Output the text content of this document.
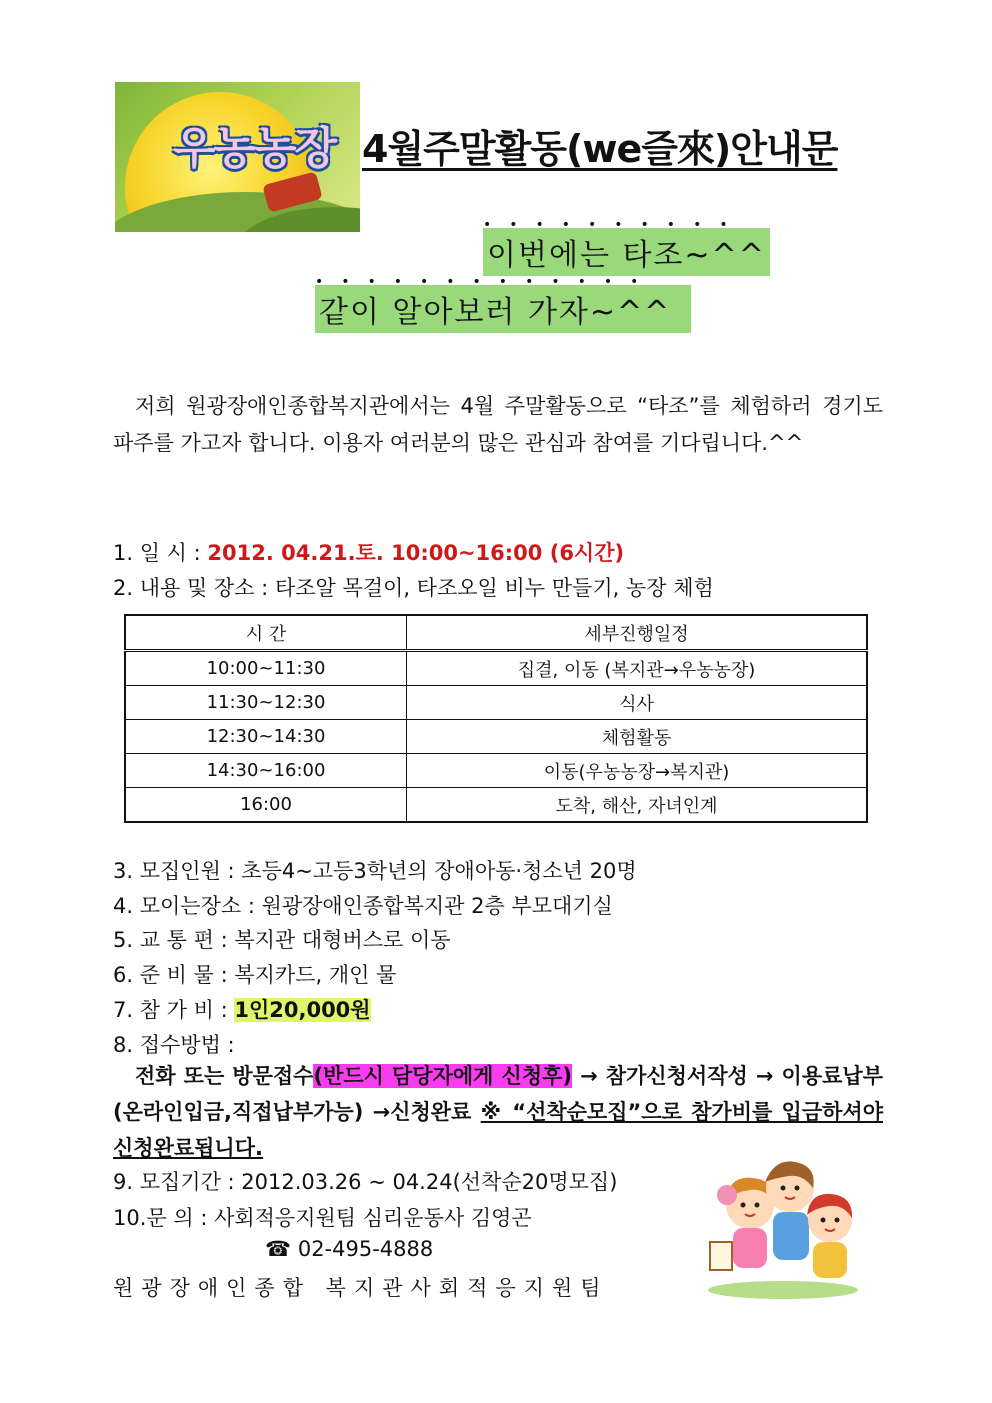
우농농장 4월주말활동(we즐來)안내문
••••••••••
이번에는 타조~^^
•••••••••••••
같이 알아보러 가자~^^
저희 원광장애인종합복지관에서는 4월 주말활동으로 “타조”를 체험하러 경기도 파주를 가고자 합니다. 이용자 여러분의 많은 관심과 참여를 기다립니다.^^
1. 일 시 : 2012. 04.21.토. 10:00~16:00 (6시간)
2. 내용 및 장소 : 타조알 목걸이, 타조오일 비누 만들기, 농장 체험
시 간	세부진행일정
10:00~11:30	집결, 이동 (복지관→우농농장)
11:30~12:30	식사
12:30~14:30	체험활동
14:30~16:00	이동(우농농장→복지관)
16:00	도착, 해산, 자녀인계
3. 모집인원 : 초등4~고등3학년의 장애아동·청소년 20명
4. 모이는장소 : 원광장애인종합복지관 2층 부모대기실
5. 교 통 편 : 복지관 대형버스로 이동
6. 준 비 물 : 복지카드, 개인 물
7. 참 가 비 : 1인20,000원
8. 접수방법 :
전화 또는 방문접수(반드시 담당자에게 신청후) → 참가신청서작성 → 이용료납부 (온라인입금,직접납부가능) →신청완료 ※ “선착순모집”으로 참가비를 입금하셔야 신청완료됩니다.
9. 모집기간 : 2012.03.26 ~ 04.24(선착순20명모집)
10.문 의 : 사회적응지원팀 심리운동사 김영곤
☎ 02-495-4888
원광장애인종합 복지관사회적응지원팀
